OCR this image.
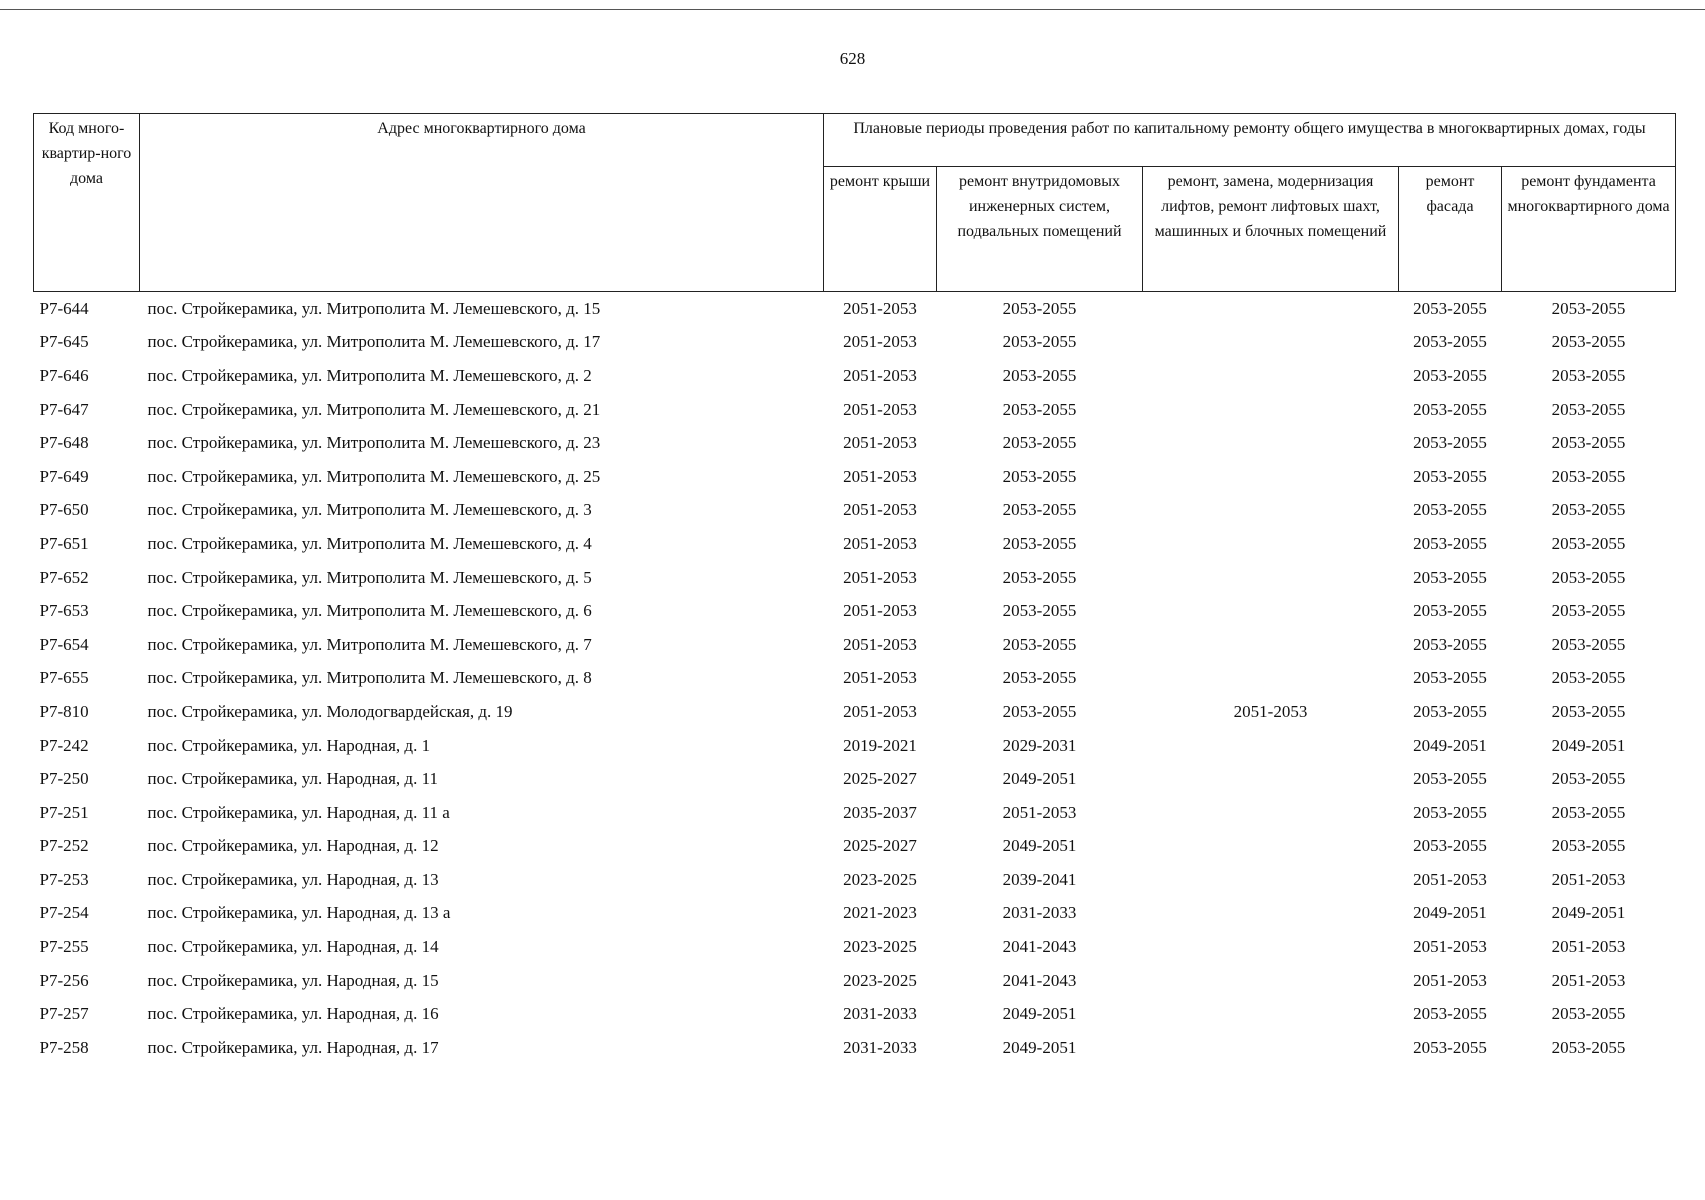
628
Код много-квартир-ного дома	Адрес многоквартирного дома	Плановые периоды проведения работ по капитальному ремонту общего имущества в многоквартирных домах, годы				
		ремонт крыши	ремонт внутридомовых инженерных систем, подвальных помещений	ремонт, замена, модернизация лифтов, ремонт лифтовых шахт, машинных и блочных помещений	ремонт фасада	ремонт фундамента многоквартирного дома
Р7-644	пос. Стройкерамика, ул. Митрополита М. Лемешевского, д. 15	2051-2053	2053-2055		2053-2055	2053-2055
Р7-645	пос. Стройкерамика, ул. Митрополита М. Лемешевского, д. 17	2051-2053	2053-2055		2053-2055	2053-2055
Р7-646	пос. Стройкерамика, ул. Митрополита М. Лемешевского, д. 2	2051-2053	2053-2055		2053-2055	2053-2055
Р7-647	пос. Стройкерамика, ул. Митрополита М. Лемешевского, д. 21	2051-2053	2053-2055		2053-2055	2053-2055
Р7-648	пос. Стройкерамика, ул. Митрополита М. Лемешевского, д. 23	2051-2053	2053-2055		2053-2055	2053-2055
Р7-649	пос. Стройкерамика, ул. Митрополита М. Лемешевского, д. 25	2051-2053	2053-2055		2053-2055	2053-2055
Р7-650	пос. Стройкерамика, ул. Митрополита М. Лемешевского, д. 3	2051-2053	2053-2055		2053-2055	2053-2055
Р7-651	пос. Стройкерамика, ул. Митрополита М. Лемешевского, д. 4	2051-2053	2053-2055		2053-2055	2053-2055
Р7-652	пос. Стройкерамика, ул. Митрополита М. Лемешевского, д. 5	2051-2053	2053-2055		2053-2055	2053-2055
Р7-653	пос. Стройкерамика, ул. Митрополита М. Лемешевского, д. 6	2051-2053	2053-2055		2053-2055	2053-2055
Р7-654	пос. Стройкерамика, ул. Митрополита М. Лемешевского, д. 7	2051-2053	2053-2055		2053-2055	2053-2055
Р7-655	пос. Стройкерамика, ул. Митрополита М. Лемешевского, д. 8	2051-2053	2053-2055		2053-2055	2053-2055
Р7-810	пос. Стройкерамика, ул. Молодогвардейская, д. 19	2051-2053	2053-2055	2051-2053	2053-2055	2053-2055
Р7-242	пос. Стройкерамика, ул. Народная, д. 1	2019-2021	2029-2031		2049-2051	2049-2051
Р7-250	пос. Стройкерамика, ул. Народная, д. 11	2025-2027	2049-2051		2053-2055	2053-2055
Р7-251	пос. Стройкерамика, ул. Народная, д. 11 а	2035-2037	2051-2053		2053-2055	2053-2055
Р7-252	пос. Стройкерамика, ул. Народная, д. 12	2025-2027	2049-2051		2053-2055	2053-2055
Р7-253	пос. Стройкерамика, ул. Народная, д. 13	2023-2025	2039-2041		2051-2053	2051-2053
Р7-254	пос. Стройкерамика, ул. Народная, д. 13 а	2021-2023	2031-2033		2049-2051	2049-2051
Р7-255	пос. Стройкерамика, ул. Народная, д. 14	2023-2025	2041-2043		2051-2053	2051-2053
Р7-256	пос. Стройкерамика, ул. Народная, д. 15	2023-2025	2041-2043		2051-2053	2051-2053
Р7-257	пос. Стройкерамика, ул. Народная, д. 16	2031-2033	2049-2051		2053-2055	2053-2055
Р7-258	пос. Стройкерамика, ул. Народная, д. 17	2031-2033	2049-2051		2053-2055	2053-2055
